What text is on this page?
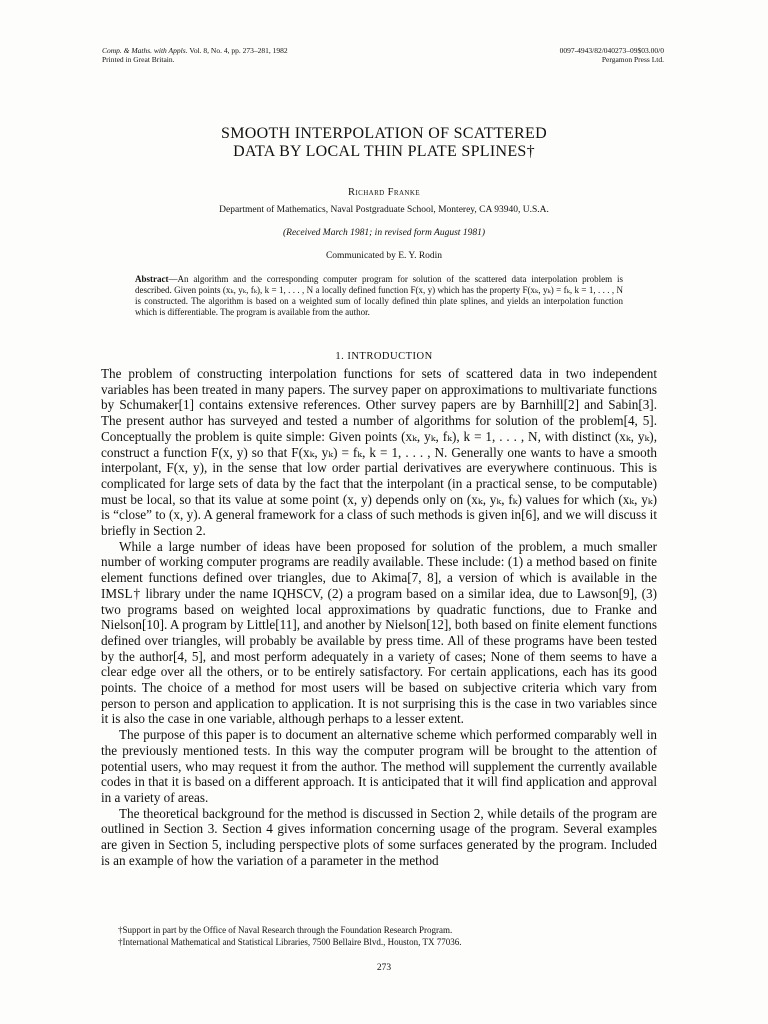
Comp. & Maths. with Appls. Vol. 8, No. 4, pp. 273–281, 1982
Printed in Great Britain.
0097-4943/82/040273–09$03.00/0
Pergamon Press Ltd.
SMOOTH INTERPOLATION OF SCATTERED
DATA BY LOCAL THIN PLATE SPLINES†
Richard Franke
Department of Mathematics, Naval Postgraduate School, Monterey, CA 93940, U.S.A.
(Received March 1981; in revised form August 1981)
Communicated by E. Y. Rodin
Abstract—An algorithm and the corresponding computer program for solution of the scattered data interpolation problem is described. Given points (xₖ, yₖ, fₖ), k = 1, . . . , N a locally defined function F(x, y) which has the property F(xₖ, yₖ) = fₖ, k = 1, . . . , N is constructed. The algorithm is based on a weighted sum of locally defined thin plate splines, and yields an interpolation function which is differentiable. The program is available from the author.
1. INTRODUCTION

The problem of constructing interpolation functions for sets of scattered data in two independent variables has been treated in many papers. The survey paper on approximations to multivariate functions by Schumaker[1] contains extensive references. Other survey papers are by Barnhill[2] and Sabin[3]. The present author has surveyed and tested a number of algorithms for solution of the problem[4, 5]. Conceptually the problem is quite simple: Given points (xₖ, yₖ, fₖ), k = 1, . . . , N, with distinct (xₖ, yₖ), construct a function F(x, y) so that F(xₖ, yₖ) = fₖ, k = 1, . . . , N. Generally one wants to have a smooth interpolant, F(x, y), in the sense that low order partial derivatives are everywhere continuous. This is complicated for large sets of data by the fact that the interpolant (in a practical sense, to be computable) must be local, so that its value at some point (x, y) depends only on (xₖ, yₖ, fₖ) values for which (xₖ, yₖ) is “close” to (x, y). A general framework for a class of such methods is given in[6], and we will discuss it briefly in Section 2.

While a large number of ideas have been proposed for solution of the problem, a much smaller number of working computer programs are readily available. These include: (1) a method based on finite element functions defined over triangles, due to Akima[7, 8], a version of which is available in the IMSL† library under the name IQHSCV, (2) a program based on a similar idea, due to Lawson[9], (3) two programs based on weighted local approximations by quadratic functions, due to Franke and Nielson[10]. A program by Little[11], and another by Nielson[12], both based on finite element functions defined over triangles, will probably be available by press time. All of these programs have been tested by the author[4, 5], and most perform adequately in a variety of cases; None of them seems to have a clear edge over all the others, or to be entirely satisfactory. For certain applications, each has its good points. The choice of a method for most users will be based on subjective criteria which vary from person to person and application to application. It is not surprising this is the case in two variables since it is also the case in one variable, although perhaps to a lesser extent.

The purpose of this paper is to document an alternative scheme which performed comparably well in the previously mentioned tests. In this way the computer program will be brought to the attention of potential users, who may request it from the author. The method will supplement the currently available codes in that it is based on a different approach. It is anticipated that it will find application and approval in a variety of areas.

The theoretical background for the method is discussed in Section 2, while details of the program are outlined in Section 3. Section 4 gives information concerning usage of the program. Several examples are given in Section 5, including perspective plots of some surfaces generated by the program. Included is an example of how the variation of a parameter in the method

†Support in part by the Office of Naval Research through the Foundation Research Program.
†International Mathematical and Statistical Libraries, 7500 Bellaire Blvd., Houston, TX 77036.
273
